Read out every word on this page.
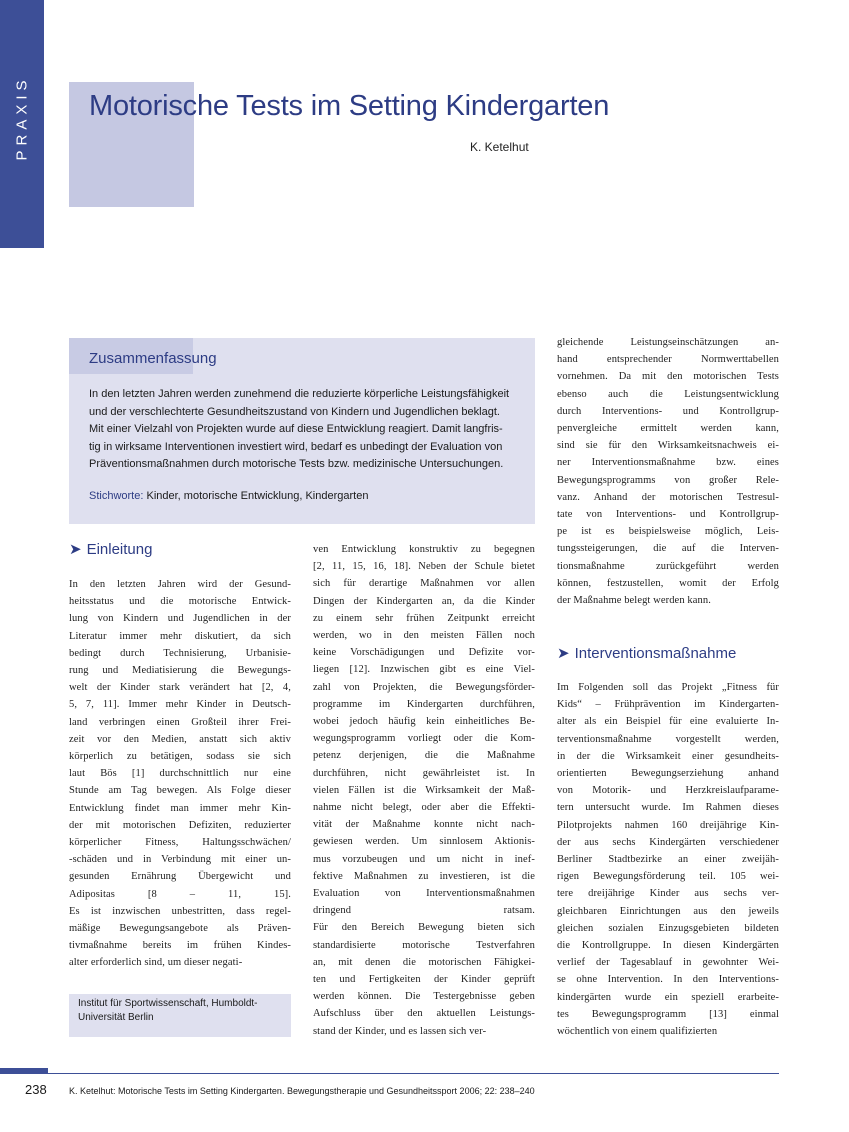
PRAXIS Motorische Tests im Setting Kindergarten
K. Ketelhut
Zusammenfassung
In den letzten Jahren werden zunehmend die reduzierte körperliche Leistungsfähigkeit
und der verschlechterte Gesundheitszustand von Kindern und Jugendlichen beklagt.
Mit einer Vielzahl von Projekten wurde auf diese Entwicklung reagiert. Damit langfris-
tig in wirksame Interventionen investiert wird, bedarf es unbedingt der Evaluation von
Präventionsmaßnahmen durch motorische Tests bzw. medizinische Untersuchungen.

Stichworte: Kinder, motorische Entwicklung, Kindergarten

➤ Einleitung
In den letzten Jahren wird der Gesund-
heitsstatus und die motorische Entwick-
lung von Kindern und Jugendlichen in der
Literatur immer mehr diskutiert, da sich
bedingt durch Technisierung, Urbanisie-
rung und Mediatisierung die Bewegungs-
welt der Kinder stark verändert hat [2, 4,
5, 7, 11]. Immer mehr Kinder in Deutsch-
land verbringen einen Großteil ihrer Frei-
zeit vor den Medien, anstatt sich aktiv
körperlich zu betätigen, sodass sie sich
laut Bös [1] durchschnittlich nur eine
Stunde am Tag bewegen. Als Folge dieser
Entwicklung findet man immer mehr Kin-
der mit motorischen Defiziten, reduzierter
körperlicher Fitness, Haltungsschwächen/
-schäden und in Verbindung mit einer un-
gesunden Ernährung Übergewicht und
Adipositas [8 – 11, 15].
Es ist inzwischen unbestritten, dass regel-
mäßige Bewegungsangebote als Präven-
tivmaßnahme bereits im frühen Kindes-
alter erforderlich sind, um dieser negati-

Institut für Sportwissenschaft, Humboldt-Universität Berlin

ven Entwicklung konstruktiv zu begegnen
[2, 11, 15, 16, 18]. Neben der Schule bietet
sich für derartige Maßnahmen vor allen
Dingen der Kindergarten an, da die Kinder
zu einem sehr frühen Zeitpunkt erreicht
werden, wo in den meisten Fällen noch
keine Vorschädigungen und Defizite vor-
liegen [12]. Inzwischen gibt es eine Viel-
zahl von Projekten, die Bewegungsförder-
programme im Kindergarten durchführen,
wobei jedoch häufig kein einheitliches Be-
wegungsprogramm vorliegt oder die Kom-
petenz derjenigen, die die Maßnahme
durchführen, nicht gewährleistet ist. In
vielen Fällen ist die Wirksamkeit der Maß-
nahme nicht belegt, oder aber die Effekti-
vität der Maßnahme konnte nicht nach-
gewiesen werden. Um sinnlosem Aktionis-
mus vorzubeugen und um nicht in inef-
fektive Maßnahmen zu investieren, ist die
Evaluation von Interventionsmaßnahmen
dringend ratsam.
Für den Bereich Bewegung bieten sich
standardisierte motorische Testverfahren
an, mit denen die motorischen Fähigkei-
ten und Fertigkeiten der Kinder geprüft
werden können. Die Testergebnisse geben
Aufschluss über den aktuellen Leistungs-
stand der Kinder, und es lassen sich ver-
gleichende Leistungseinschätzungen an-
hand entsprechender Normwerttabellen
vornehmen. Da mit den motorischen Tests
ebenso auch die Leistungsentwicklung
durch Interventions- und Kontrollgrup-
penvergleiche ermittelt werden kann,
sind sie für den Wirksamkeitsnachweis ei-
ner Interventionsmaßnahme bzw. eines
Bewegungsprogramms von großer Rele-
vanz. Anhand der motorischen Testresul-
tate von Interventions- und Kontrollgrup-
pe ist es beispielsweise möglich, Leis-
tungssteigerungen, die auf die Interven-
tionsmaßnahme zurückgeführt werden
können, festzustellen, womit der Erfolg
der Maßnahme belegt werden kann.
➤ Interventionsmaßnahme
Im Folgenden soll das Projekt „Fitness für
Kids“ – Frühprävention im Kindergarten-
alter als ein Beispiel für eine evaluierte In-
terventionsmaßnahme vorgestellt werden,
in der die Wirksamkeit einer gesundheits-
orientierten Bewegungserziehung anhand
von Motorik- und Herzkreislaufparame-
tern untersucht wurde. Im Rahmen dieses
Pilotprojekts nahmen 160 dreijährige Kin-
der aus sechs Kindergärten verschiedener
Berliner Stadtbezirke an einer zweijäh-
rigen Bewegungsförderung teil. 105 wei-
tere dreijährige Kinder aus sechs ver-
gleichbaren Einrichtungen aus den jeweils
gleichen sozialen Einzugsgebieten bildeten
die Kontrollgruppe. In diesen Kindergärten
verlief der Tagesablauf in gewohnter Wei-
se ohne Intervention. In den Interventions-
kindergärten wurde ein speziell erarbeite-
tes Bewegungsprogramm [13] einmal
wöchentlich von einem qualifizierten
238 K. Ketelhut: Motorische Tests im Setting Kindergarten. Bewegungstherapie und Gesundheitssport 2006; 22: 238–240
